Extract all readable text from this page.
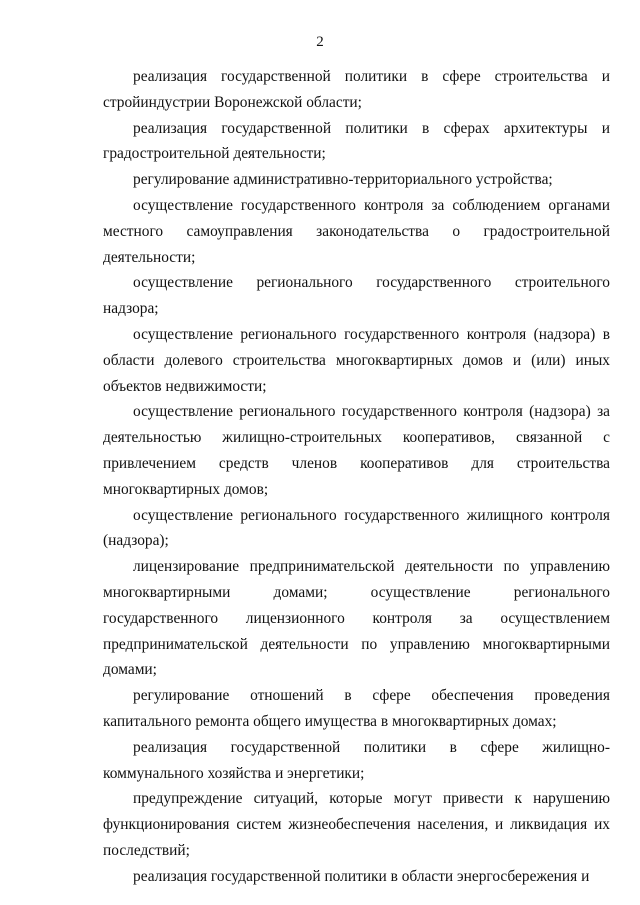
2

реализация государственной политики в сфере строительства и стройиндустрии Воронежской области;

реализация государственной политики в сферах архитектуры и градостроительной деятельности;

регулирование административно-территориального устройства;

осуществление государственного контроля за соблюдением органами местного самоуправления законодательства о градостроительной деятельности;

осуществление регионального государственного строительного надзора;

осуществление регионального государственного контроля (надзора) в области долевого строительства многоквартирных домов и (или) иных объектов недвижимости;

осуществление регионального государственного контроля (надзора) за деятельностью жилищно-строительных кооперативов, связанной с привлечением средств членов кооперативов для строительства многоквартирных домов;

осуществление регионального государственного жилищного контроля (надзора);

лицензирование предпринимательской деятельности по управлению многоквартирными домами; осуществление регионального государственного лицензионного контроля за осуществлением предпринимательской деятельности по управлению многоквартирными домами;

регулирование отношений в сфере обеспечения проведения капитального ремонта общего имущества в многоквартирных домах;

реализация государственной политики в сфере жилищно-коммунального хозяйства и энергетики;

предупреждение ситуаций, которые могут привести к нарушению функционирования систем жизнеобеспечения населения, и ликвидация их последствий;

реализация государственной политики в области энергосбережения и
